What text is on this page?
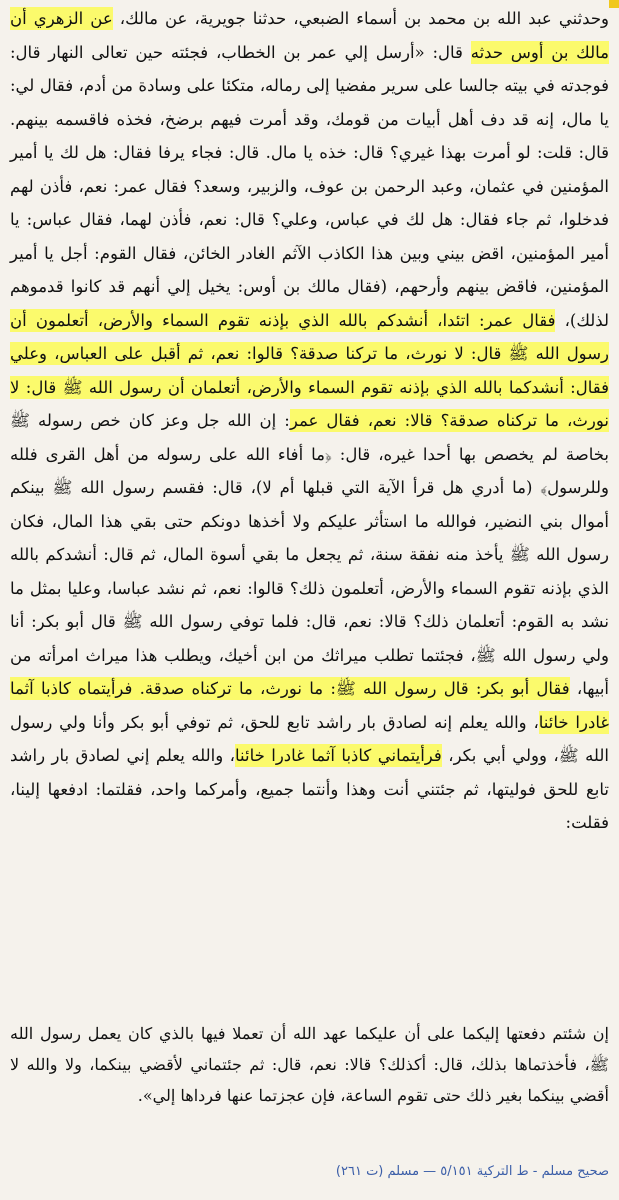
وحدثني عبد الله بن محمد بن أسماء الضبعي، حدثنا جويرية، عن مالك، عن الزهري أن مالك بن أوس حدثه قال: «أرسل إلي عمر بن الخطاب، فجئته حين تعالى النهار قال: فوجدته في بيته جالسا على سرير مفضيا إلى رماله، متكئا على وسادة من أدم، فقال لي: يا مال، إنه قد دف أهل أبيات من قومك، وقد أمرت فيهم برضخ، فخذه فاقسمه بينهم. قال: قلت: لو أمرت بهذا غيري؟ قال: خذه يا مال. قال: فجاء يرفا فقال: هل لك يا أمير المؤمنين في عثمان، وعبد الرحمن بن عوف، والزبير، وسعد؟ فقال عمر: نعم، فأذن لهم فدخلوا، ثم جاء فقال: هل لك في عباس، وعلي؟ قال: نعم، فأذن لهما، فقال عباس: يا أمير المؤمنين، اقض بيني وبين هذا الكاذب الآثم الغادر الخائن، فقال القوم: أجل يا أمير المؤمنين، فاقض بينهم وأرحهم، (فقال مالك بن أوس: يخيل إلي أنهم قد كانوا قدموهم لذلك)، فقال عمر: اتئدا، أنشدكم بالله الذي بإذنه تقوم السماء والأرض، أتعلمون أن رسول الله ﷺ قال: لا نورث، ما تركنا صدقة؟ قالوا: نعم، ثم أقبل على العباس، وعلي فقال: أنشدكما بالله الذي بإذنه تقوم السماء والأرض، أتعلمان أن رسول الله ﷺ قال: لا نورث، ما تركناه صدقة؟ قالا: نعم، فقال عمر: إن الله جل وعز كان خص رسوله ﷺ بخاصة لم يخصص بها أحدا غيره، قال: ﴿ما أفاء الله على رسوله من أهل القرى فلله وللرسول﴾ (ما أدري هل قرأ الآية التي قبلها أم لا)، قال: فقسم رسول الله ﷺ بينكم أموال بني النضير، فوالله ما استأثر عليكم ولا أخذها دونكم حتى بقي هذا المال، فكان رسول الله ﷺ يأخذ منه نفقة سنة، ثم يجعل ما بقي أسوة المال، ثم قال: أنشدكم بالله الذي بإذنه تقوم السماء والأرض، أتعلمون ذلك؟ قالوا: نعم، ثم نشد عباسا، وعليا بمثل ما نشد به القوم: أتعلمان ذلك؟ قالا: نعم، قال: فلما توفي رسول الله ﷺ قال أبو بكر: أنا ولي رسول الله ﷺ، فجئتما تطلب ميراثك من ابن أخيك، ويطلب هذا ميراث امرأته من أبيها، فقال أبو بكر: قال رسول الله ﷺ: ما نورث، ما تركناه صدقة. فرأيتماه كاذبا آثما غادرا خائنا، والله يعلم إنه لصادق بار راشد تابع للحق، ثم توفي أبو بكر وأنا ولي رسول الله ﷺ، وولي أبي بكر، فرأيتماني كاذبا آثما غادرا خائنا، والله يعلم إني لصادق بار راشد تابع للحق فوليتها، ثم جئتني أنت وهذا وأنتما جميع، وأمركما واحد، فقلتما: ادفعها إلينا، فقلت:
إن شئتم دفعتها إليكما على أن عليكما عهد الله أن تعملا فيها بالذي كان يعمل رسول الله ﷺ، فأخذتماها بذلك، قال: أكذلك؟ قالا: نعم، قال: ثم جئتماني لأقضي بينكما، ولا والله لا أقضي بينكما بغير ذلك حتى تقوم الساعة، فإن عجزتما عنها فرداها إلي».
صحيح مسلم - ط التركية ٥/١٥١ — مسلم (ت ٢٦١)
